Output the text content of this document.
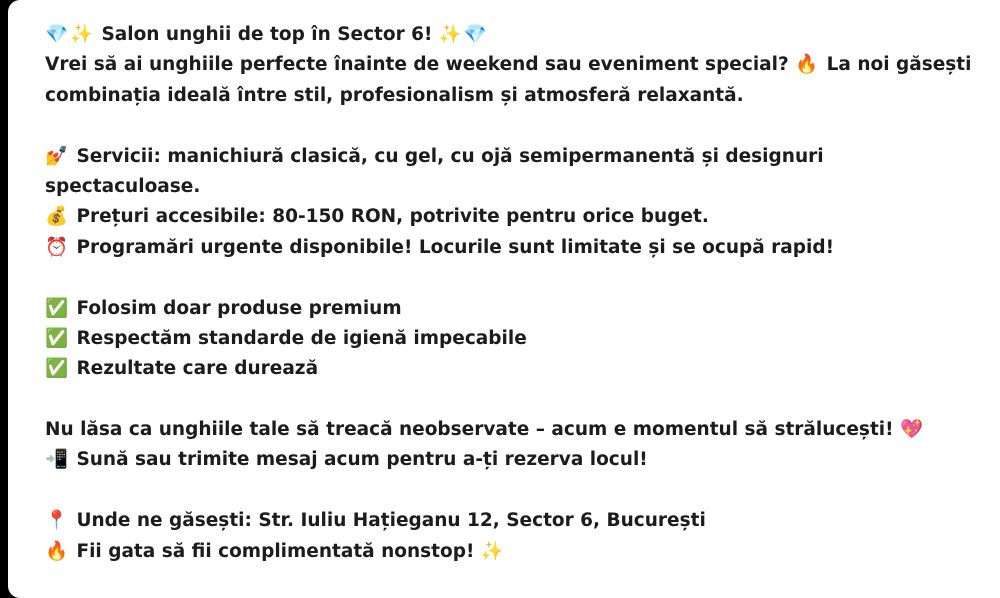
💎 ✨ Salon unghii de top în Sector 6! ✨ 💎
Vrei să ai unghiile perfecte înainte de weekend sau eveniment special? 🔥 La noi găsești
combinația ideală între stil, profesionalism și atmosferă relaxantă.
💅 Servicii: manichiură clasică, cu gel, cu ojă semipermanentă și designuri
spectaculoase.
💰 Prețuri accesibile: 80-150 RON, potrivite pentru orice buget.
⏰ Programări urgente disponibile! Locurile sunt limitate și se ocupă rapid!
✅ Folosim doar produse premium
✅ Respectăm standarde de igienă impecabile
✅ Rezultate care durează
Nu lăsa ca unghiile tale să treacă neobservate – acum e momentul să strălucești! 💖
📲 Sună sau trimite mesaj acum pentru a-ți rezerva locul!
📍 Unde ne găsești: Str. Iuliu Hațieganu 12, Sector 6, București
🔥 Fii gata să fii complimentată nonstop! ✨
